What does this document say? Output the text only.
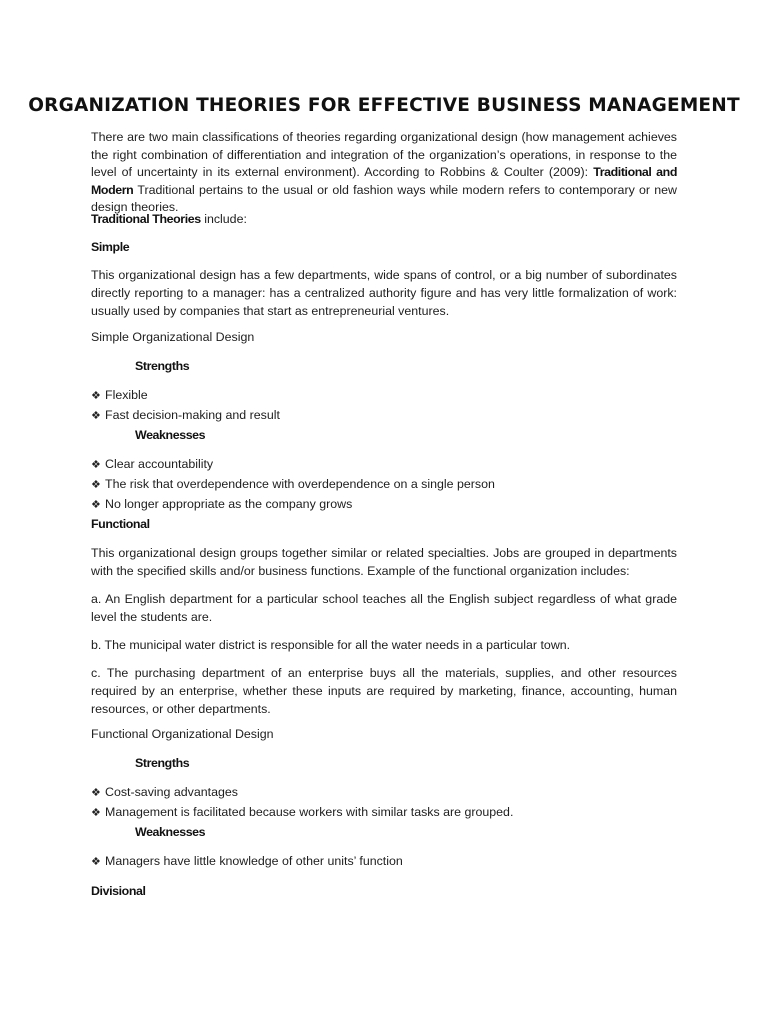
ORGANIZATION THEORIES FOR EFFECTIVE BUSINESS MANAGEMENT
There are two main classifications of theories regarding organizational design (how management achieves the right combination of differentiation and integration of the organization’s operations, in response to the level of uncertainty in its external environment). According to Robbins & Coulter (2009): Traditional and Modern Traditional pertains to the usual or old fashion ways while modern refers to contemporary or new design theories.
Traditional Theories include:
Simple
This organizational design has a few departments, wide spans of control, or a big number of subordinates directly reporting to a manager: has a centralized authority figure and has very little formalization of work: usually used by companies that start as entrepreneurial ventures.
Simple Organizational Design
Strengths
❖ Flexible
❖ Fast decision-making and result
Weaknesses
❖ Clear accountability
❖ The risk that overdependence with overdependence on a single person
❖ No longer appropriate as the company grows
Functional
This organizational design groups together similar or related specialties. Jobs are grouped in departments with the specified skills and/or business functions. Example of the functional organization includes:
a. An English department for a particular school teaches all the English subject regardless of what grade level the students are.
b. The municipal water district is responsible for all the water needs in a particular town.
c. The purchasing department of an enterprise buys all the materials, supplies, and other resources required by an enterprise, whether these inputs are required by marketing, finance, accounting, human resources, or other departments.
Functional Organizational Design
Strengths
❖ Cost-saving advantages
❖ Management is facilitated because workers with similar tasks are grouped.
Weaknesses
❖ Managers have little knowledge of other units’ function
Divisional
